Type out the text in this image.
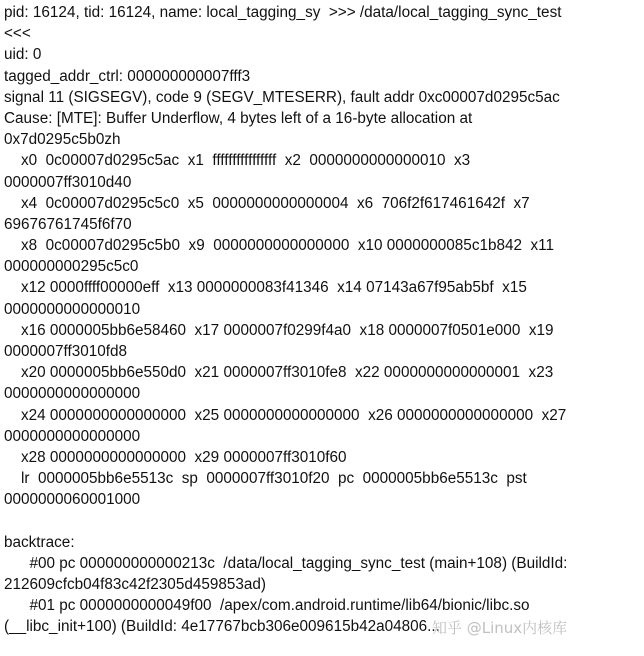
pid: 16124, tid: 16124, name: local_tagging_sy  >>> /data/local_tagging_sync_test
<<<
uid: 0
tagged_addr_ctrl: 000000000007fff3
signal 11 (SIGSEGV), code 9 (SEGV_MTESERR), fault addr 0xc00007d0295c5ac
Cause: [MTE]: Buffer Underflow, 4 bytes left of a 16-byte allocation at
0x7d0295c5b0zh
x0  0c00007d0295c5ac  x1  ffffffffffffffff  x2  0000000000000010  x3
0000007ff3010d40
x4  0c00007d0295c5c0  x5  0000000000000004  x6  706f2f617461642f  x7
69676761745f6f70
x8  0c00007d0295c5b0  x9  0000000000000000  x10 0000000085c1b842  x11
000000000295c5c0
x12 0000ffff00000eff  x13 0000000083f41346  x14 07143a67f95ab5bf  x15
0000000000000010
x16 0000005bb6e58460  x17 0000007f0299f4a0  x18 0000007f0501e000  x19
0000007ff3010fd8
x20 0000005bb6e550d0  x21 0000007ff3010fe8  x22 0000000000000001  x23
0000000000000000
x24 0000000000000000  x25 0000000000000000  x26 0000000000000000  x27
0000000000000000
x28 0000000000000000  x29 0000007ff3010f60
lr  0000005bb6e5513c  sp  0000007ff3010f20  pc  0000005bb6e5513c  pst
0000000060001000
backtrace:
#00 pc 000000000000213c  /data/local_tagging_sync_test (main+108) (BuildId:
212609cfcb04f83c42f2305d459853ad)
#01 pc 0000000000049f00  /apex/com.android.runtime/lib64/bionic/libc.so
(__libc_init+100) (BuildId: 4e17767bcb306e009615b42a04806...
知乎 @Linux内核库
